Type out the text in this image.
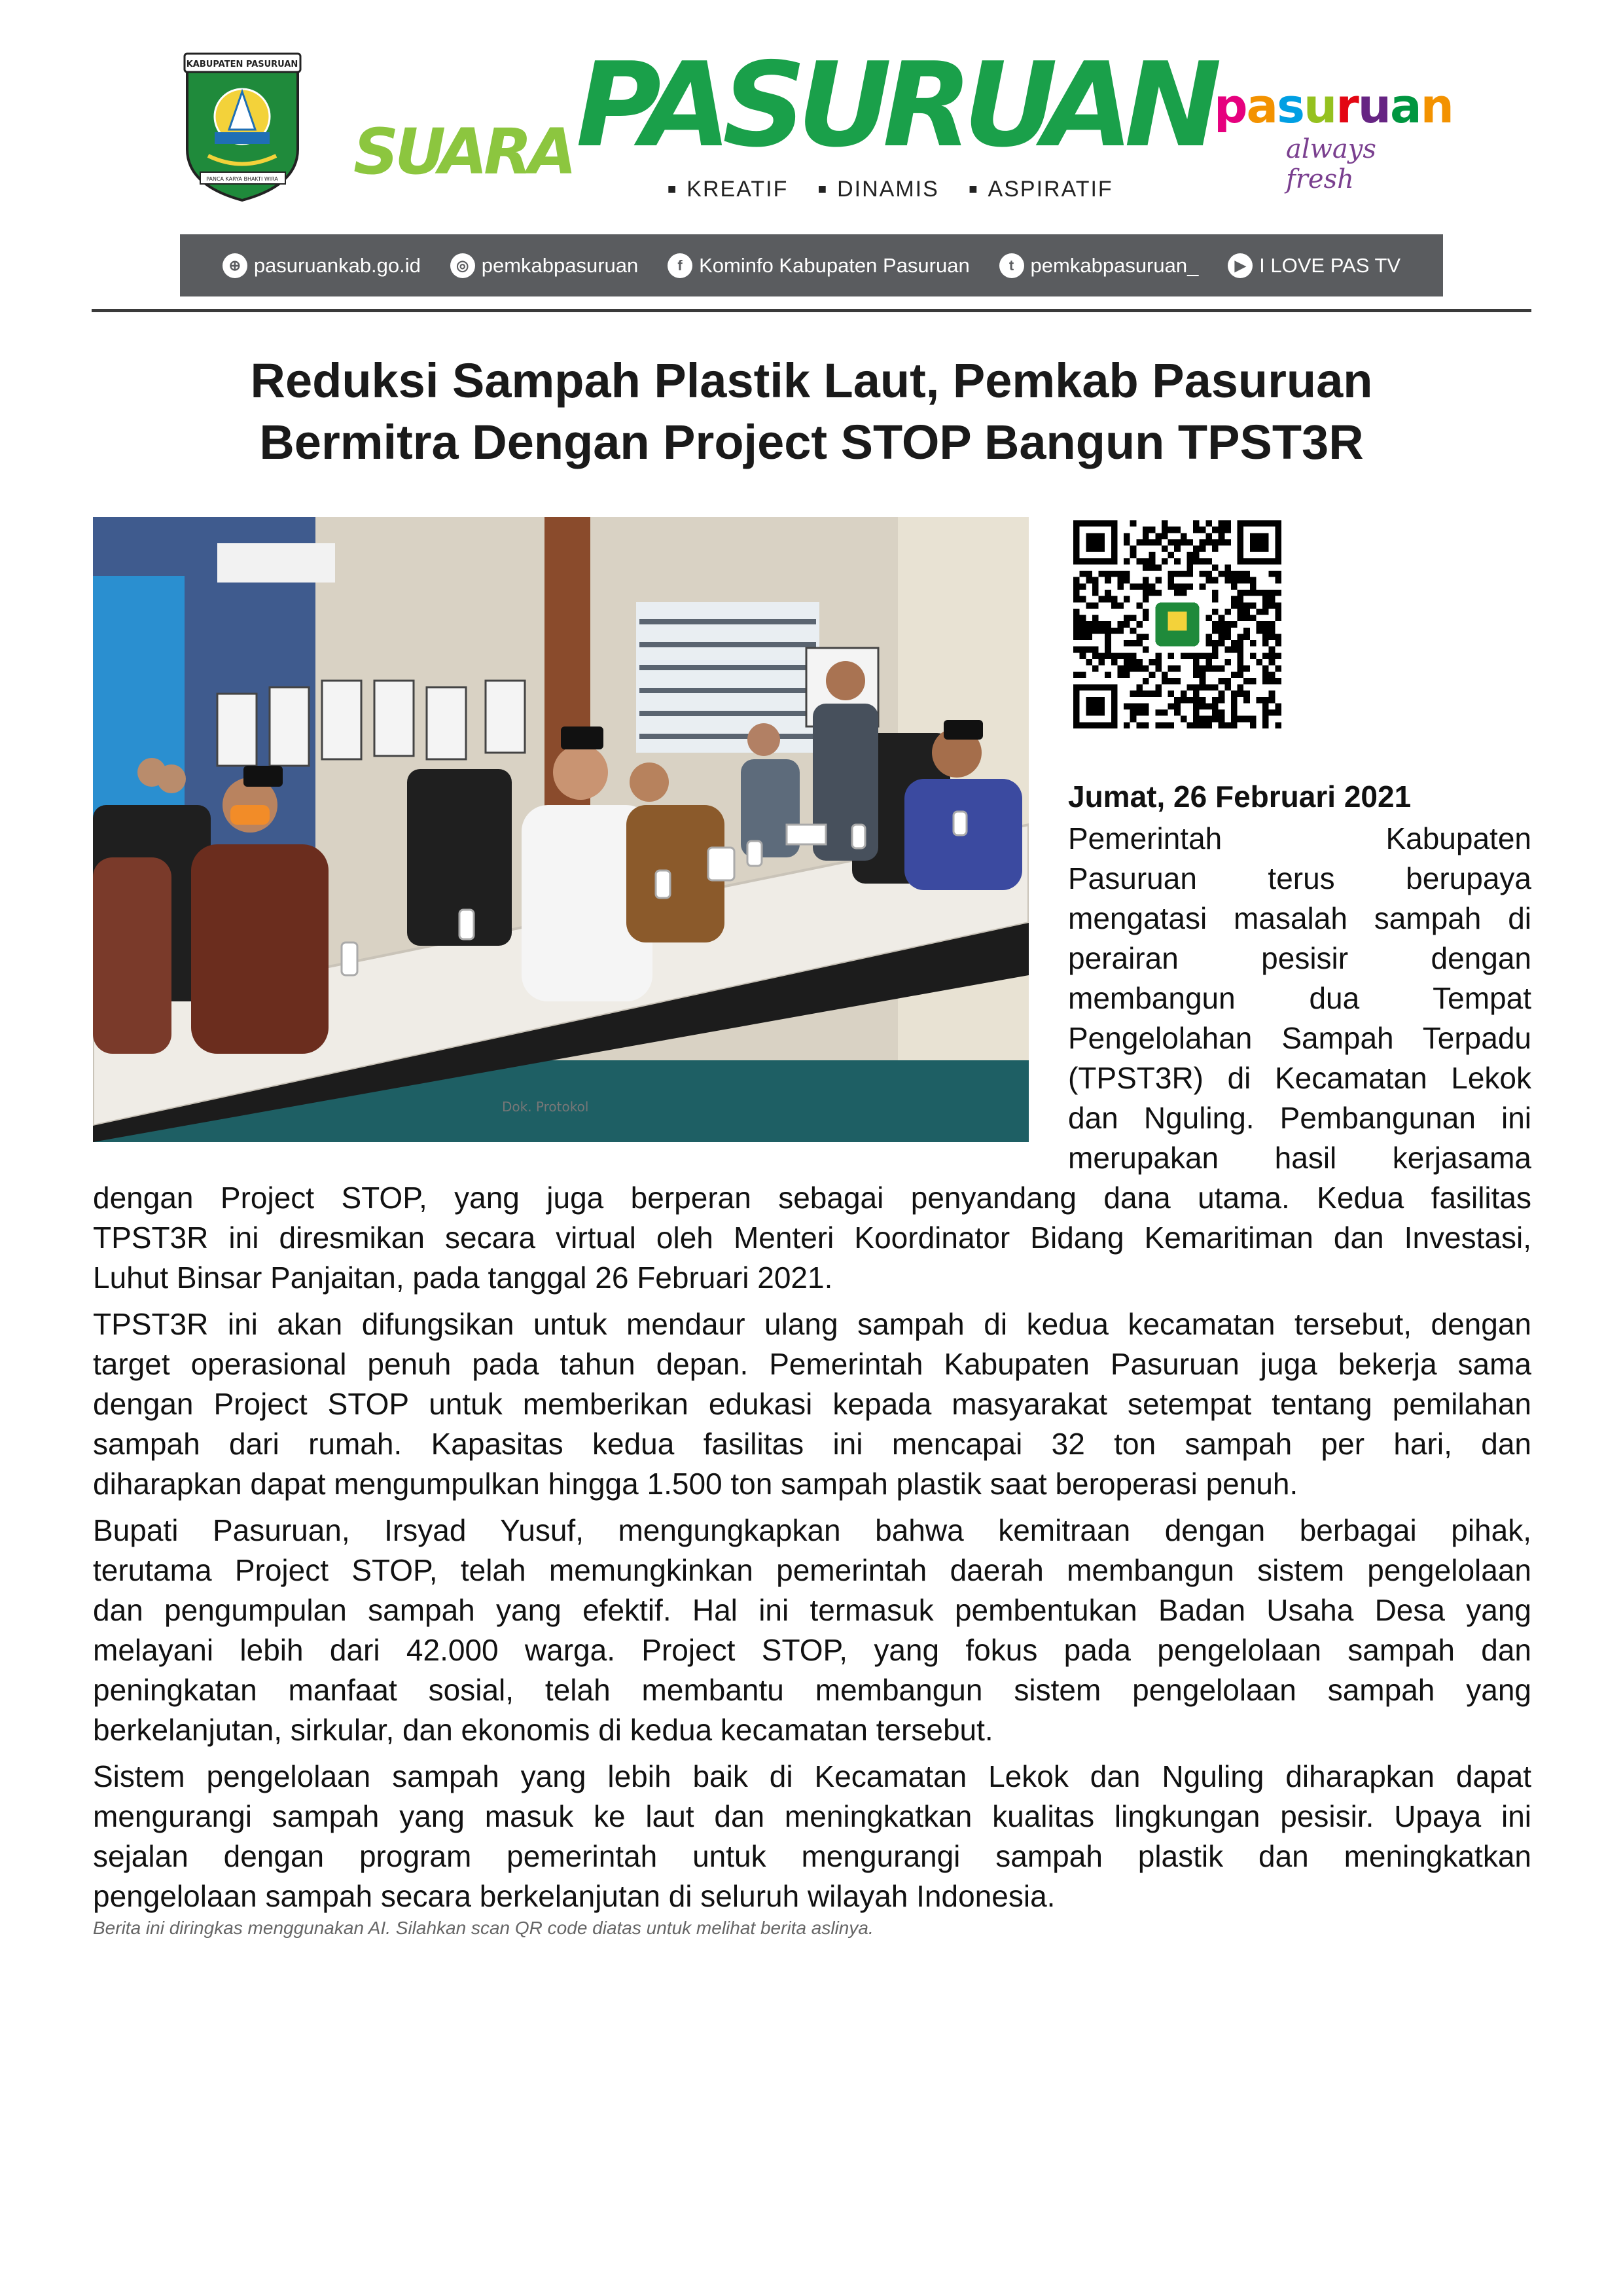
KABUPATEN PASURUAN
PANCA KARYA BHAKTI WIRA SUARA PASURUAN
■ KREATIF ■ DINAMIS ■ ASPIRATIF
pasuruan
always fresh
⊕ pasuruankab.go.id	◎ pemkabpasuruan	f Kominfo Kabupaten Pasuruan	t pemkabpasuruan_	▶ I LOVE PAS TV
Reduksi Sampah Plastik Laut, Pemkab Pasuruan
Bermitra Dengan Project STOP Bangun TPST3R
Dok. Protokol
Jumat, 26 Februari 2021
Pemerintah Kabupaten
Pasuruan terus berupaya
mengatasi masalah sampah di
perairan pesisir dengan
membangun dua Tempat
Pengelolahan Sampah Terpadu
(TPST3R) di Kecamatan Lekok
dan Nguling. Pembangunan ini
merupakan hasil kerjasama
dengan Project STOP, yang juga berperan sebagai penyandang dana utama. Kedua fasilitas
TPST3R ini diresmikan secara virtual oleh Menteri Koordinator Bidang Kemaritiman dan Investasi,
Luhut Binsar Panjaitan, pada tanggal 26 Februari 2021.
TPST3R ini akan difungsikan untuk mendaur ulang sampah di kedua kecamatan tersebut, dengan
target operasional penuh pada tahun depan. Pemerintah Kabupaten Pasuruan juga bekerja sama
dengan Project STOP untuk memberikan edukasi kepada masyarakat setempat tentang pemilahan
sampah dari rumah. Kapasitas kedua fasilitas ini mencapai 32 ton sampah per hari, dan
diharapkan dapat mengumpulkan hingga 1.500 ton sampah plastik saat beroperasi penuh.
Bupati Pasuruan, Irsyad Yusuf, mengungkapkan bahwa kemitraan dengan berbagai pihak,
terutama Project STOP, telah memungkinkan pemerintah daerah membangun sistem pengelolaan
dan pengumpulan sampah yang efektif. Hal ini termasuk pembentukan Badan Usaha Desa yang
melayani lebih dari 42.000 warga. Project STOP, yang fokus pada pengelolaan sampah dan
peningkatan manfaat sosial, telah membantu membangun sistem pengelolaan sampah yang
berkelanjutan, sirkular, dan ekonomis di kedua kecamatan tersebut.
Sistem pengelolaan sampah yang lebih baik di Kecamatan Lekok dan Nguling diharapkan dapat
mengurangi sampah yang masuk ke laut dan meningkatkan kualitas lingkungan pesisir. Upaya ini
sejalan dengan program pemerintah untuk mengurangi sampah plastik dan meningkatkan
pengelolaan sampah secara berkelanjutan di seluruh wilayah Indonesia.
Berita ini diringkas menggunakan AI. Silahkan scan QR code diatas untuk melihat berita aslinya.
